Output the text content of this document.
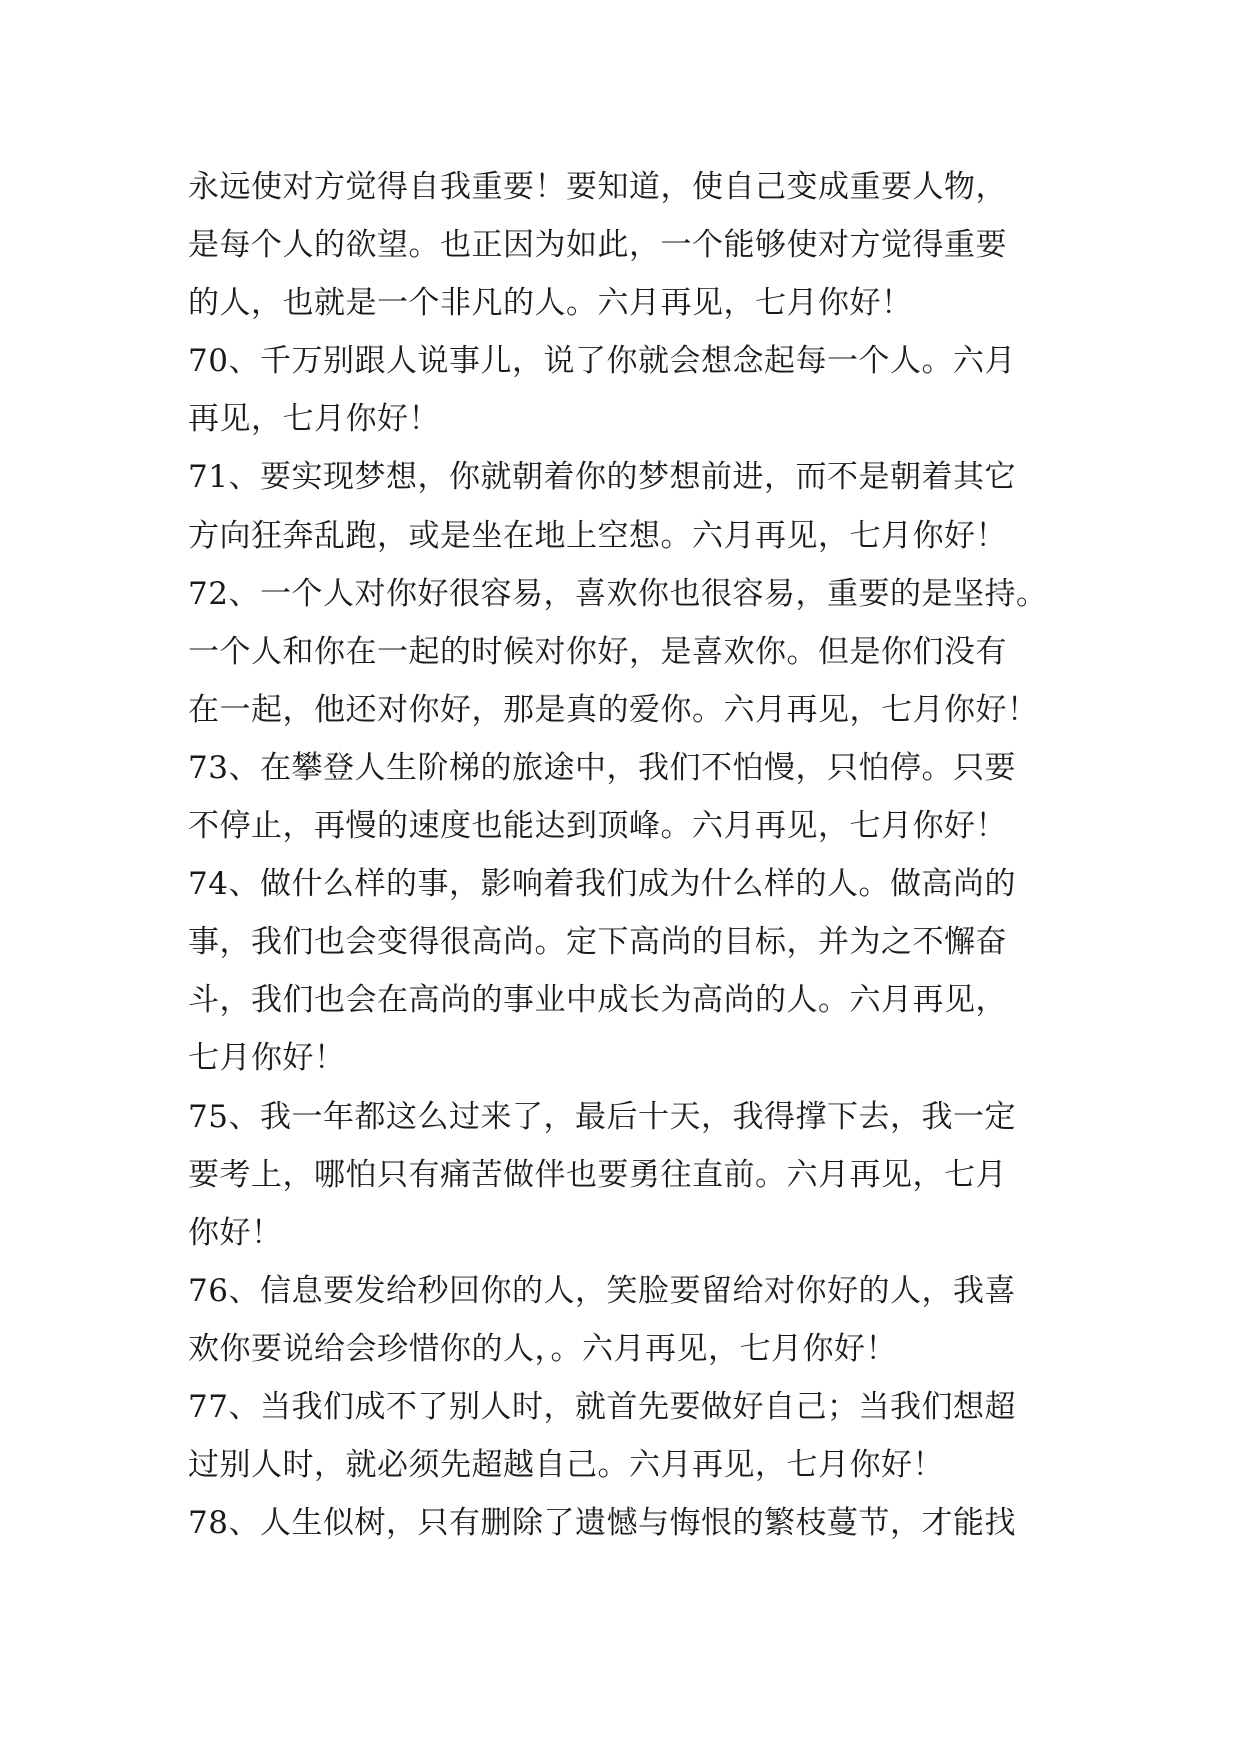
永远使对方觉得自我重要！要知道，使自己变成重要人物，
是每个人的欲望。也正因为如此，一个能够使对方觉得重要
的人，也就是一个非凡的人。六月再见，七月你好！
70、千万别跟人说事儿，说了你就会想念起每一个人。六月
再见，七月你好！
71、要实现梦想，你就朝着你的梦想前进，而不是朝着其它
方向狂奔乱跑，或是坐在地上空想。六月再见，七月你好！
72、一个人对你好很容易，喜欢你也很容易，重要的是坚持。
一个人和你在一起的时候对你好，是喜欢你。但是你们没有
在一起，他还对你好，那是真的爱你。六月再见，七月你好！
73、在攀登人生阶梯的旅途中，我们不怕慢，只怕停。只要
不停止，再慢的速度也能达到顶峰。六月再见，七月你好！
74、做什么样的事，影响着我们成为什么样的人。做高尚的
事，我们也会变得很高尚。定下高尚的目标，并为之不懈奋
斗，我们也会在高尚的事业中成长为高尚的人。六月再见，
七月你好！
75、我一年都这么过来了，最后十天，我得撑下去，我一定
要考上，哪怕只有痛苦做伴也要勇往直前。六月再见，七月
你好！
76、信息要发给秒回你的人，笑脸要留给对你好的人，我喜
欢你要说给会珍惜你的人，。六月再见，七月你好！
77、当我们成不了别人时，就首先要做好自己；当我们想超
过别人时，就必须先超越自己。六月再见，七月你好！
78、人生似树，只有删除了遗憾与悔恨的繁枝蔓节，才能找
